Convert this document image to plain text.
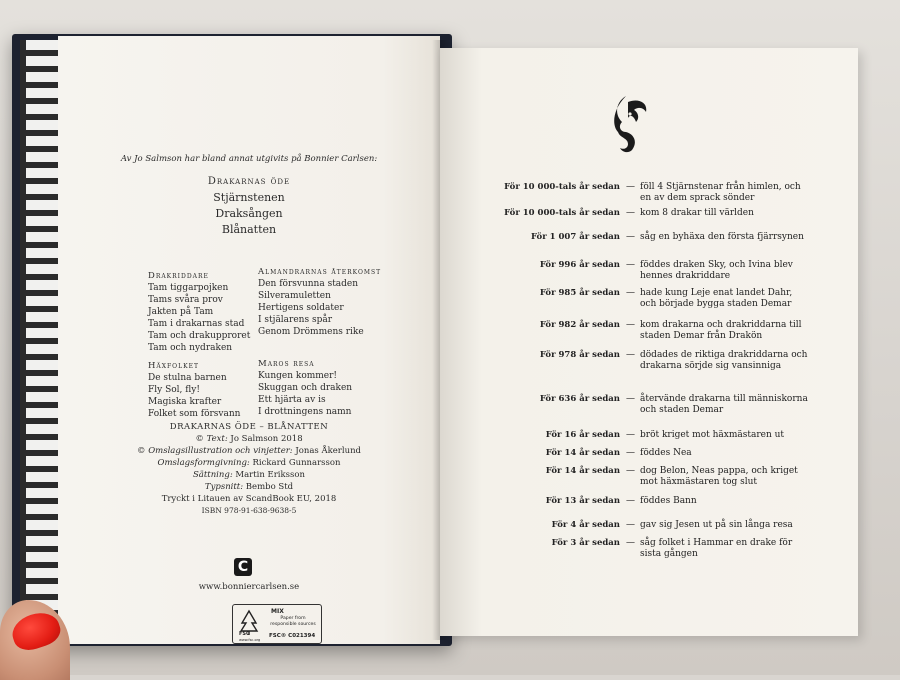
Av Jo Salmson har bland annat utgivits på Bonnier Carlsen:
Drakarnas öde
Stjärnstenen
Draksången
Blånatten
Drakriddare
Tam tiggarpojken
Tams svåra prov
Jakten på Tam
Tam i drakarnas stad
Tam och drakupproret
Tam och nydraken
Almandrarnas återkomst
Den försvunna staden
Silveramuletten
Hertigens soldater
I stjälarens spår
Genom Drömmens rike
Häxfolket
De stulna barnen
Fly Sol, fly!
Magiska krafter
Folket som försvann
Maros resa
Kungen kommer!
Skuggan och draken
Ett hjärta av is
I drottningens namn
DRAKARNAS ÖDE – BLÅNATTEN
© Text: Jo Salmson 2018
© Omslagsillustration och vinjetter: Jonas Åkerlund
Omslagsformgivning: Rickard Gunnarsson
Sättning: Martin Eriksson
Typsnitt: Bembo Std
Tryckt i Litauen av ScandBook EU, 2018
ISBN 978-91-638-9638-5
C
www.bonniercarlsen.se
FSC
www.fsc.org
MIX
Paper from responsible sources
FSC® C021394
För 10 000-tals år sedan — föll 4 Stjärnstenar från himlen, och en av dem sprack sönder
För 10 000-tals år sedan — kom 8 drakar till världen
För 1 007 år sedan — såg en byhäxa den första fjärrsynen
För 996 år sedan — föddes draken Sky, och Ivina blev hennes drakriddare
För 985 år sedan — hade kung Leje enat landet Dahr, och började bygga staden Demar
För 982 år sedan — kom drakarna och drakriddarna till staden Demar från Drakön
För 978 år sedan — dödades de riktiga drakriddarna och drakarna sörjde sig vansinniga
För 636 år sedan — återvände drakarna till människorna och staden Demar
För 16 år sedan — bröt kriget mot häxmästaren ut
För 14 år sedan — föddes Nea
För 14 år sedan — dog Belon, Neas pappa, och kriget mot häxmästaren tog slut
För 13 år sedan — föddes Bann
För 4 år sedan — gav sig Jesen ut på sin långa resa
För 3 år sedan — såg folket i Hammar en drake för sista gången
